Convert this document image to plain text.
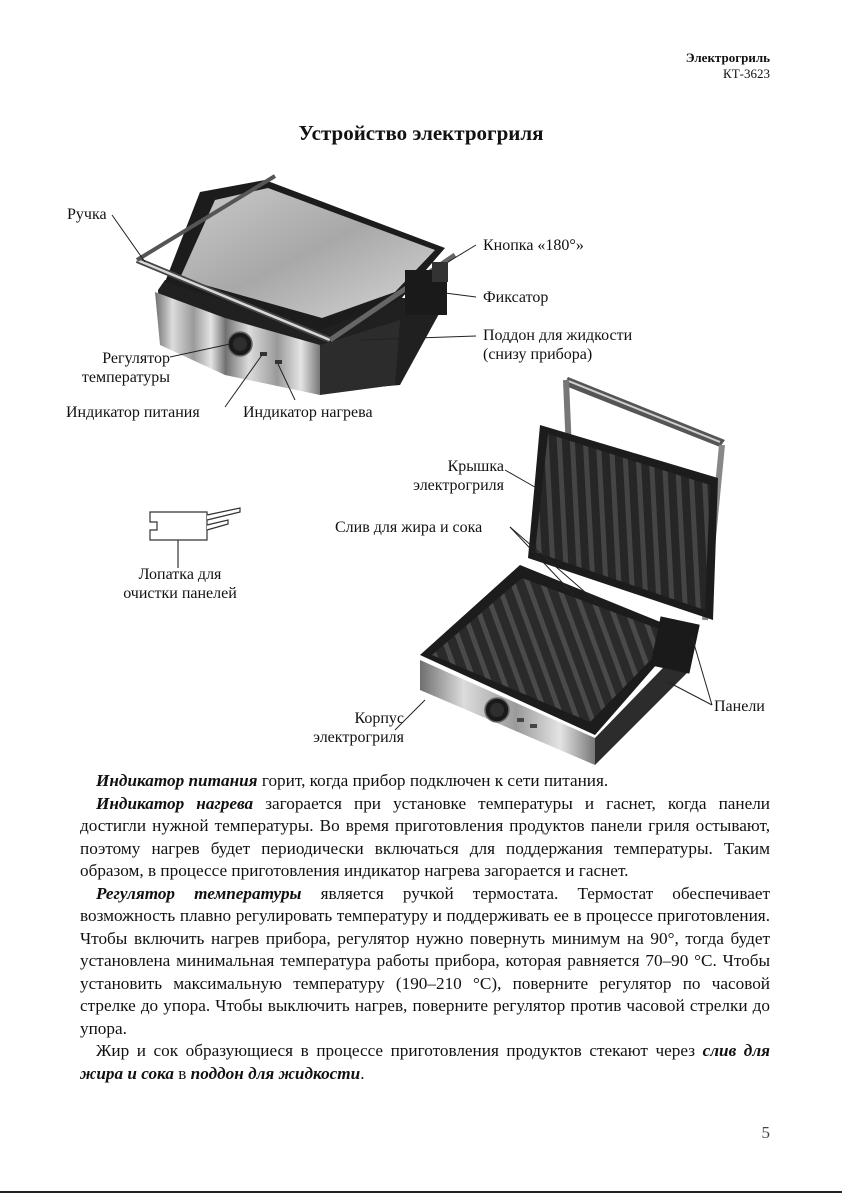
Электрогриль
КТ-3623
Устройство электрогриля
Ручка
Кнопка «180°»
Фиксатор
Поддон для жидкости
(снизу прибора)
Регулятор
температуры
Индикатор питания	Индикатор нагрева
Крышка
электрогриля
Слив для жира и сока
Лопатка для
очистки панелей
Панели
Корпус
электрогриля

Индикатор питания горит, когда прибор подключен к сети питания.

Индикатор нагрева загорается при установке температуры и гаснет, когда панели достигли нужной температуры. Во время приготовления продуктов панели гриля остывают, поэтому нагрев будет периодически включаться для поддержания температуры. Таким образом, в процессе приготовления индикатор нагрева загорается и гаснет.

Регулятор температуры является ручкой термостата. Термостат обеспечивает возможность плавно регулировать температуру и поддерживать ее в процессе приготовления. Чтобы включить нагрев прибора, регулятор нужно повернуть минимум на 90°, тогда будет установлена минимальная температура работы прибора, которая равняется 70–90 °С. Чтобы установить максимальную температуру (190–210 °С), поверните регулятор по часовой стрелке до упора. Чтобы выключить нагрев, поверните регулятор против часовой стрелки до упора.

Жир и сок образующиеся в процессе приготовления продуктов стекают через слив для жира и сока в поддон для жидкости.

5
